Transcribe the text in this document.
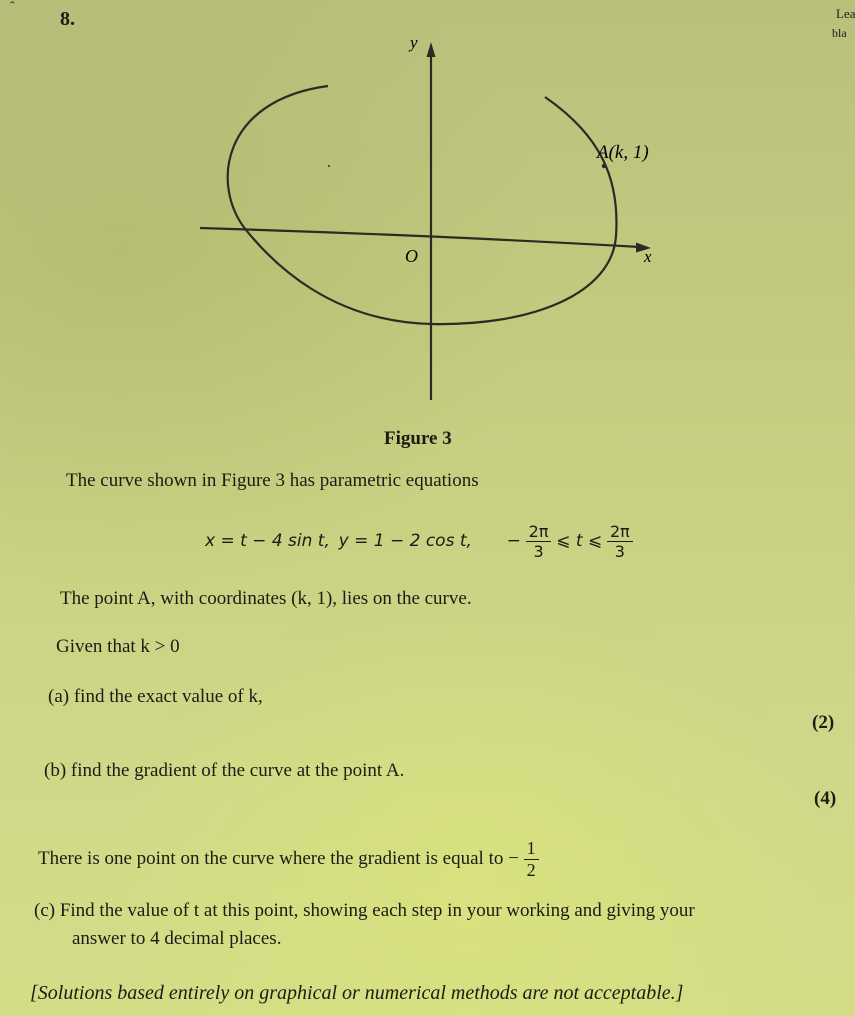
ˆ
8.	Lea
bla
y
x
O
A(k, 1)
Figure 3
The curve shown in Figure 3 has parametric equations
x = t − 4 sin t, y = 1 − 2 cos t, − $\frac{2\pi}{3}$ ⩽ t ⩽ $\frac{2\pi}{3}$
The point A, with coordinates (k, 1), lies on the curve.
Given that k > 0
(a) find the exact value of k,
(2)
(b) find the gradient of the curve at the point A.
(4)
There is one point on the curve where the gradient is equal to − $\frac{1}{2}$
(c) Find the value of t at this point, showing each step in your working and giving your
answer to 4 decimal places.
[Solutions based entirely on graphical or numerical methods are not acceptable.]
